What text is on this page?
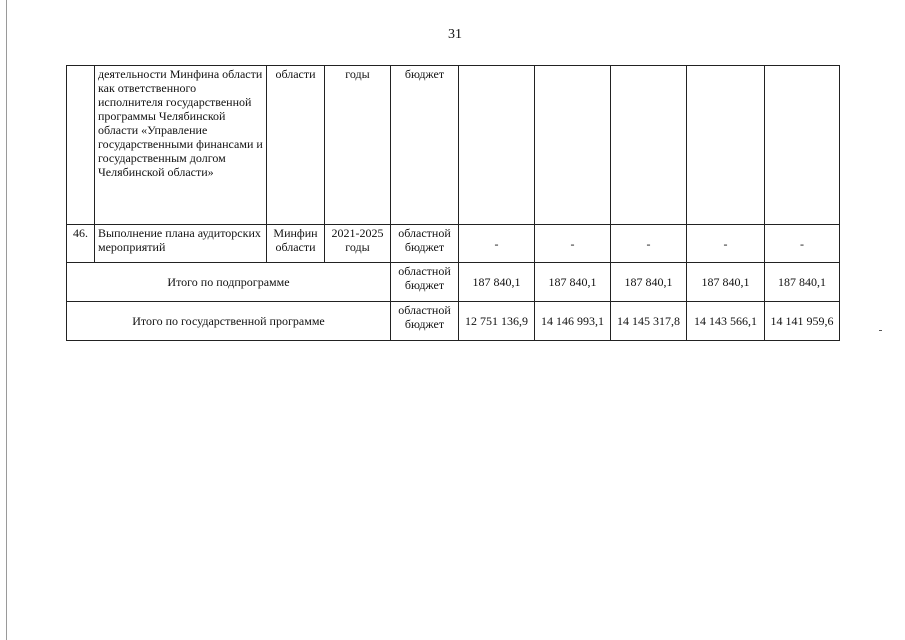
31
	деятельности Минфина области как ответственного исполнителя государственной программы Челябинской области «Управление государственными финансами и государственным долгом Челябинской области»	области	годы	бюджет					
46.	Выполнение плана аудиторских мероприятий	Минфин области	2021-2025 годы	областной бюджет	-	-	-	-	-
Итого по подпрограмме				областной бюджет	187 840,1	187 840,1	187 840,1	187 840,1	187 840,1
Итого по государственной программе				областной бюджет	12 751 136,9	14 146 993,1	14 145 317,8	14 143 566,1	14 141 959,6
